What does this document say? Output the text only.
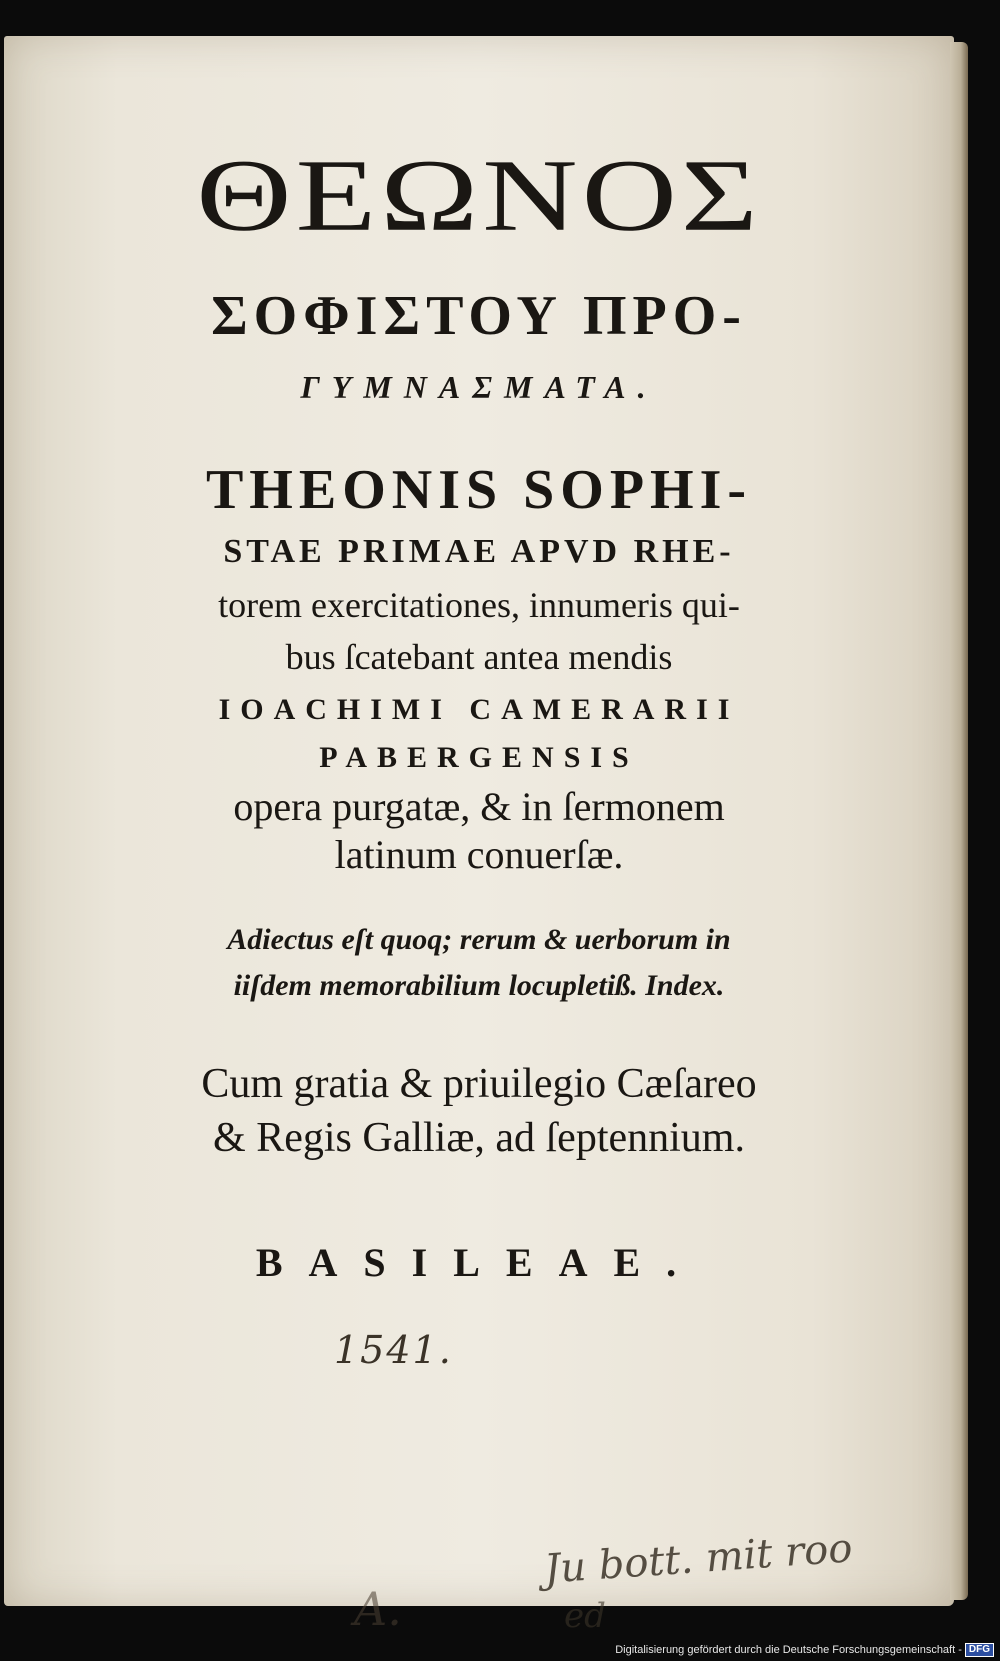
ΘΕΩΝΟΣ
ΣΟΦΙΣΤΟΥ ΠΡΟ-
ΓΥΜΝΑΣΜΑΤΑ.
THEONIS SOPHI-
STAE PRIMAE APVD RHE-
torem exercitationes, innumeris qui-
bus ſcatebant antea mendis
IOACHIMI CAMERARII
PABERGENSIS
opera purgatæ, & in ſermonem
latinum conuerſæ.
Adiectus eſt quoq; rerum & uerborum in
iiſdem memorabilium locupletiß. Index.
Cum gratia & priuilegio Cæſareo
& Regis Galliæ, ad ſeptennium.
BASILEAE.
1541.
Ju bott. mit roo
A.	ed
Digitalisierung gefördert durch die Deutsche Forschungsgemeinschaft - DFG
